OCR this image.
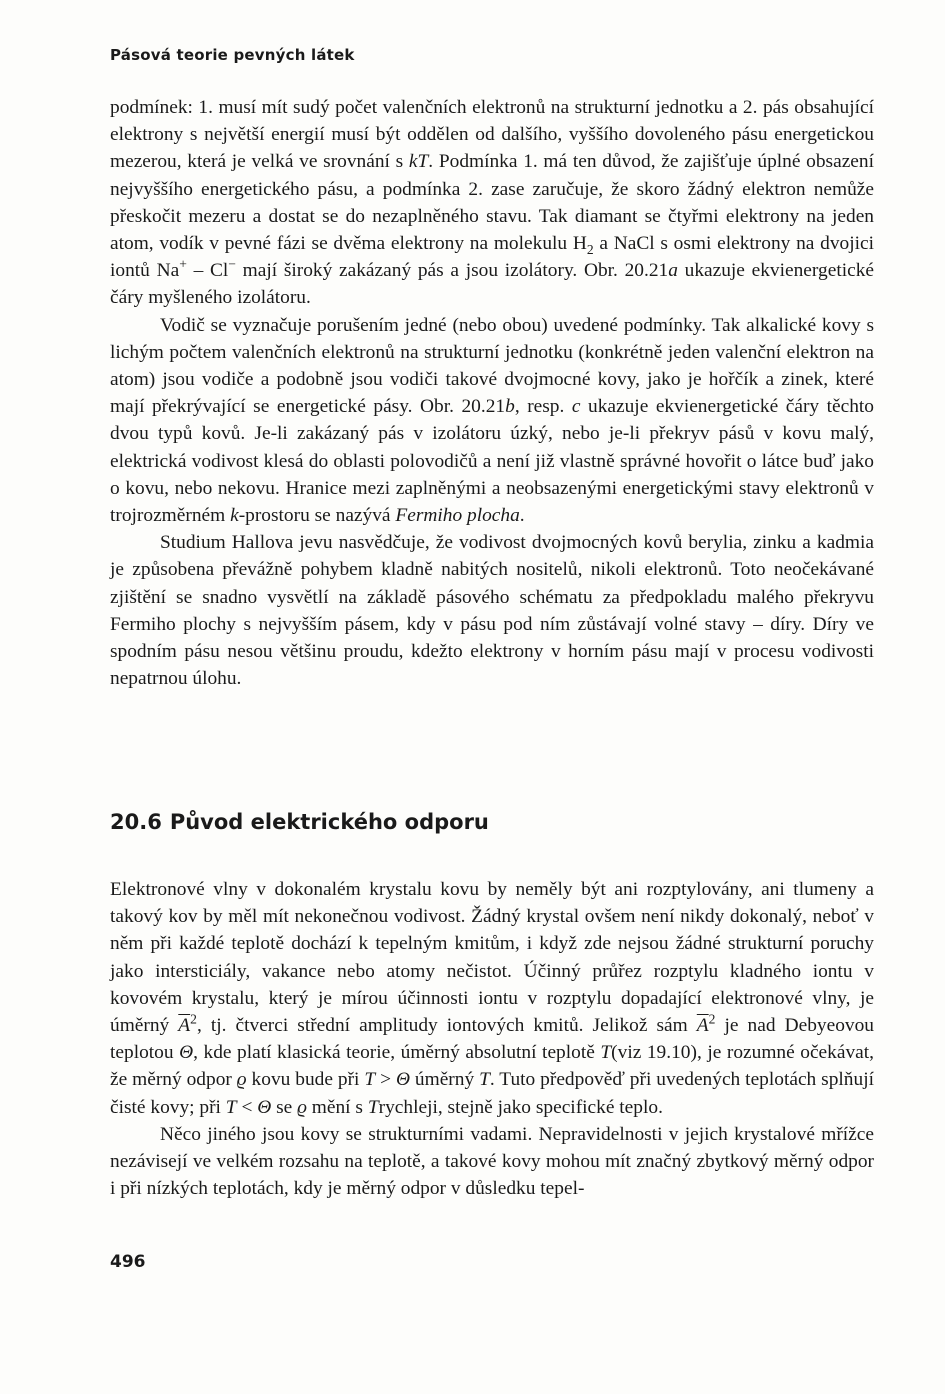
Pásová teorie pevných látek

podmínek: 1. musí mít sudý počet valenčních elektronů na strukturní jednotku a 2. pás obsahující elektrony s největší energií musí být oddělen od dalšího, vyššího dovoleného pásu energetickou mezerou, která je velká ve srovnání s kT. Podmínka 1. má ten důvod, že zajišťuje úplné obsazení nejvyššího energetického pásu, a podmínka 2. zase zaručuje, že skoro žádný elektron nemůže přeskočit mezeru a dostat se do nezaplněného stavu. Tak diamant se čtyřmi elektrony na jeden atom, vodík v pevné fázi se dvěma elektrony na molekulu $H_2$ a NaCl s osmi elektrony na dvojici iontů Na+ – Cl− mají široký zakázaný pás a jsou izolátory. Obr. 20.21a ukazuje ekvienergetické čáry myšleného izolátoru.

Vodič se vyznačuje porušením jedné (nebo obou) uvedené podmínky. Tak alkalické kovy s lichým počtem valenčních elektronů na strukturní jednotku (konkrétně jeden valenční elektron na atom) jsou vodiče a podobně jsou vodiči takové dvojmocné kovy, jako je hořčík a zinek, které mají překrývající se energetické pásy. Obr. 20.21b, resp. c ukazuje ekvienergetické čáry těchto dvou typů kovů. Je-li zakázaný pás v izolátoru úzký, nebo je-li překryv pásů v kovu malý, elektrická vodivost klesá do oblasti polovodičů a není již vlastně správné hovořit o látce buď jako o kovu, nebo nekovu. Hranice mezi zaplněnými a neobsazenými energetickými stavy elektronů v trojrozměrném k-prostoru se nazývá Fermiho plocha.

Studium Hallova jevu nasvědčuje, že vodivost dvojmocných kovů berylia, zinku a kadmia je způsobena převážně pohybem kladně nabitých nositelů, nikoli elektronů. Toto neočekávané zjištění se snadno vysvětlí na základě pásového schématu za předpokladu malého překryvu Fermiho plochy s nejvyšším pásem, kdy v pásu pod ním zůstávají volné stavy – díry. Díry ve spodním pásu nesou většinu proudu, kdežto elektrony v horním pásu mají v procesu vodivosti nepatrnou úlohu.

20.6 Původ elektrického odporu

Elektronové vlny v dokonalém krystalu kovu by neměly být ani rozptylovány, ani tlumeny a takový kov by měl mít nekonečnou vodivost. Žádný krystal ovšem není nikdy dokonalý, neboť v něm při každé teplotě dochází k tepelným kmitům, i když zde nejsou žádné strukturní poruchy jako intersticiály, vakance nebo atomy nečistot. Účinný průřez rozptylu kladného iontu v kovovém krystalu, který je mírou účinnosti iontu v rozptylu dopadající elektronové vlny, je úměrný $\overline{A}^2$, tj. čtverci střední amplitudy iontových kmitů. Jelikož sám $\overline{A}^2$ je nad Debyeovou teplotou Θ, kde platí klasická teorie, úměrný absolutní teplotě T(viz 19.10), je rozumné očekávat, že měrný odpor ϱ kovu bude při T > Θ úměrný T. Tuto předpověď při uvedených teplotách splňují čisté kovy; při T < Θ se ϱ mění s Trychleji, stejně jako specifické teplo.

Něco jiného jsou kovy se strukturními vadami. Nepravidelnosti v jejich krystalové mřížce nezávisejí ve velkém rozsahu na teplotě, a takové kovy mohou mít značný zbytkový měrný odpor i při nízkých teplotách, kdy je měrný odpor v důsledku tepel-

496
